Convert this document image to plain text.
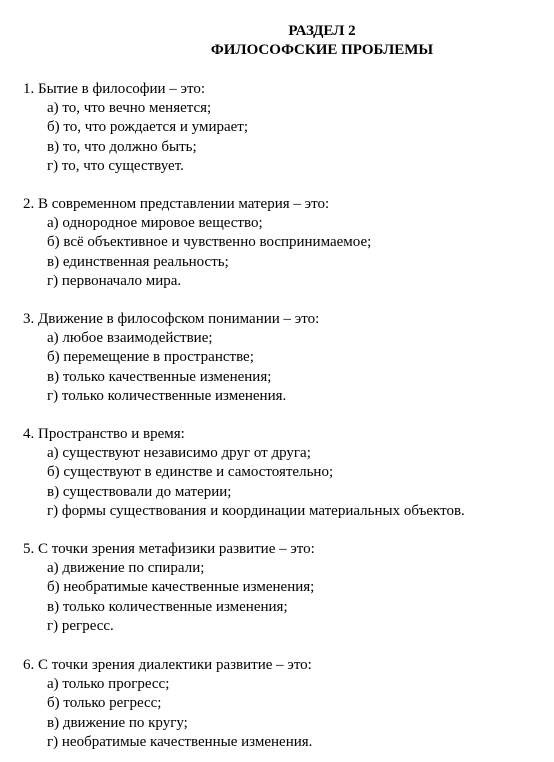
РАЗДЕЛ 2
ФИЛОСОФСКИЕ ПРОБЛЕМЫ
1. Бытие в философии – это:
а) то, что вечно меняется;
б) то, что рождается и умирает;
в) то, что должно быть;
г) то, что существует.
2. В современном представлении материя – это:
а) однородное мировое вещество;
б) всё объективное и чувственно воспринимаемое;
в) единственная реальность;
г) первоначало мира.
3. Движение в философском понимании – это:
а) любое взаимодействие;
б) перемещение в пространстве;
в) только качественные изменения;
г) только количественные изменения.
4. Пространство и время:
а) существуют независимо друг от друга;
б) существуют в единстве и самостоятельно;
в) существовали до материи;
г) формы существования и координации материальных объектов.
5. С точки зрения метафизики развитие – это:
а) движение по спирали;
б) необратимые качественные изменения;
в) только количественные изменения;
г) регресс.
6. С точки зрения диалектики развитие – это:
а) только прогресс;
б) только регресс;
в) движение по кругу;
г) необратимые качественные изменения.
